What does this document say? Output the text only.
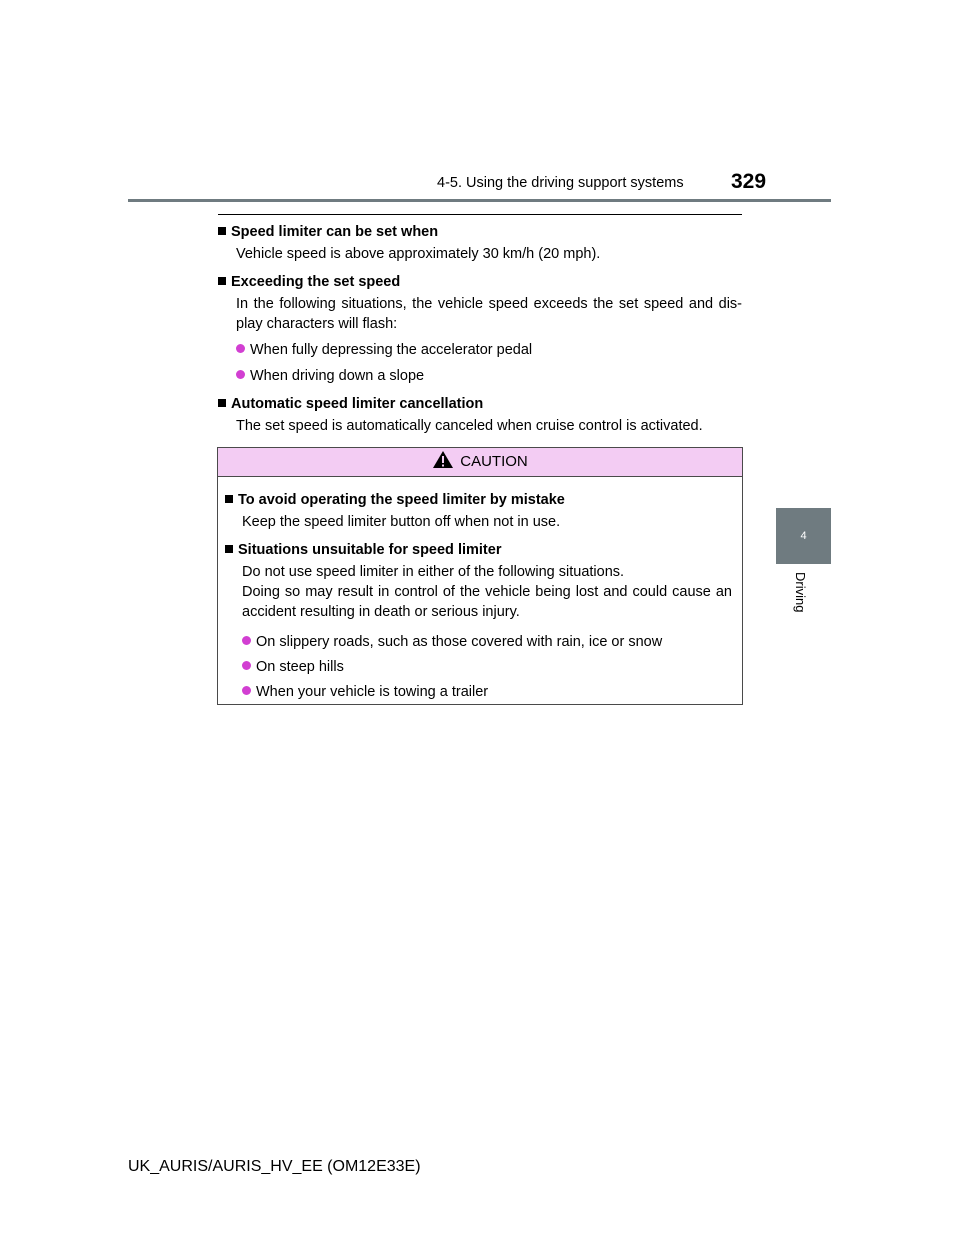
4-5. Using the driving support systems 329
4
Driving
Speed limiter can be set when
Vehicle speed is above approximately 30 km/h (20 mph).
Exceeding the set speed
In the following situations, the vehicle speed exceeds the set speed and dis-play characters will flash:
When fully depressing the accelerator pedal
When driving down a slope
Automatic speed limiter cancellation
The set speed is automatically canceled when cruise control is activated.
CAUTION
To avoid operating the speed limiter by mistake
Keep the speed limiter button off when not in use.
Situations unsuitable for speed limiter
Do not use speed limiter in either of the following situations.
Doing so may result in control of the vehicle being lost and could cause an accident resulting in death or serious injury.
On slippery roads, such as those covered with rain, ice or snow
On steep hills
When your vehicle is towing a trailer
UK_AURIS/AURIS_HV_EE (OM12E33E)
